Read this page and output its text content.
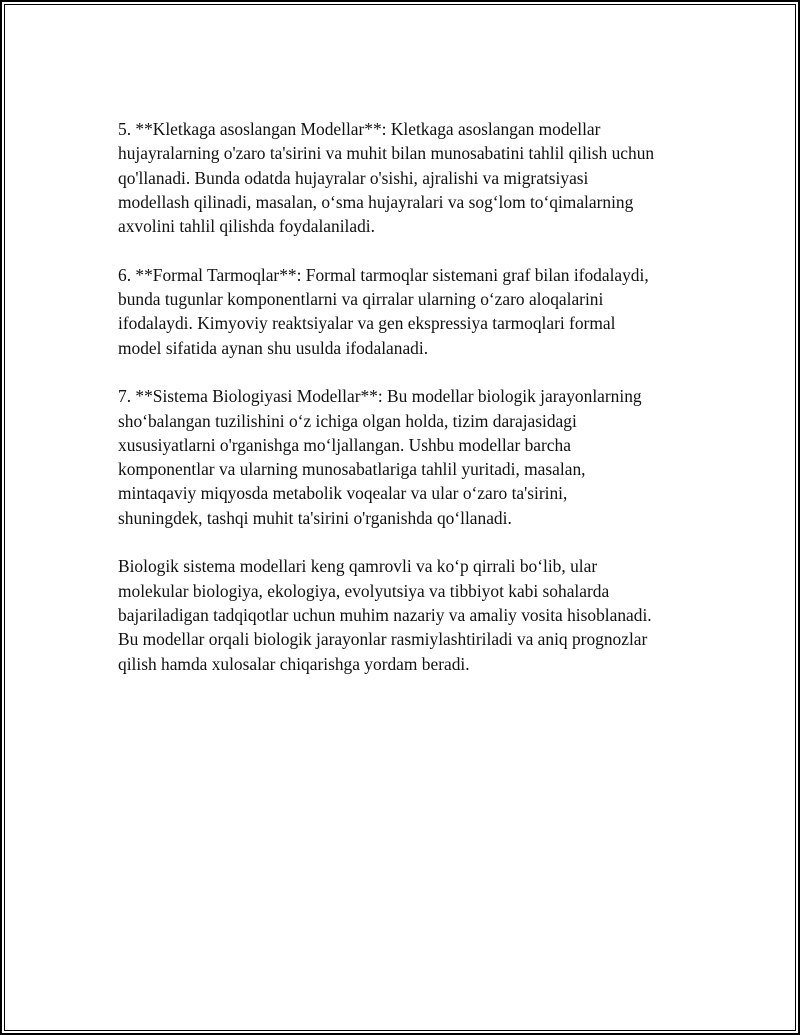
5. **Kletkaga asoslangan Modellar**: Kletkaga asoslangan modellar
hujayralarning o'zaro ta'sirini va muhit bilan munosabatini tahlil qilish uchun
qo'llanadi. Bunda odatda hujayralar o'sishi, ajralishi va migratsiyasi
modellash qilinadi, masalan, o‘sma hujayralari va sog‘lom to‘qimalarning
axvolini tahlil qilishda foydalaniladi.

6. **Formal Tarmoqlar**: Formal tarmoqlar sistemani graf bilan ifodalaydi,
bunda tugunlar komponentlarni va qirralar ularning o‘zaro aloqalarini
ifodalaydi. Kimyoviy reaktsiyalar va gen ekspressiya tarmoqlari formal
model sifatida aynan shu usulda ifodalanadi.

7. **Sistema Biologiyasi Modellar**: Bu modellar biologik jarayonlarning
sho‘balangan tuzilishini o‘z ichiga olgan holda, tizim darajasidagi
xususiyatlarni o'rganishga mo‘ljallangan. Ushbu modellar barcha
komponentlar va ularning munosabatlariga tahlil yuritadi, masalan,
mintaqaviy miqyosda metabolik voqealar va ular o‘zaro ta'sirini,
shuningdek, tashqi muhit ta'sirini o'rganishda qo‘llanadi.

Biologik sistema modellari keng qamrovli va ko‘p qirrali bo‘lib, ular
molekular biologiya, ekologiya, evolyutsiya va tibbiyot kabi sohalarda
bajariladigan tadqiqotlar uchun muhim nazariy va amaliy vosita hisoblanadi.
Bu modellar orqali biologik jarayonlar rasmiylashtiriladi va aniq prognozlar
qilish hamda xulosalar chiqarishga yordam beradi.
